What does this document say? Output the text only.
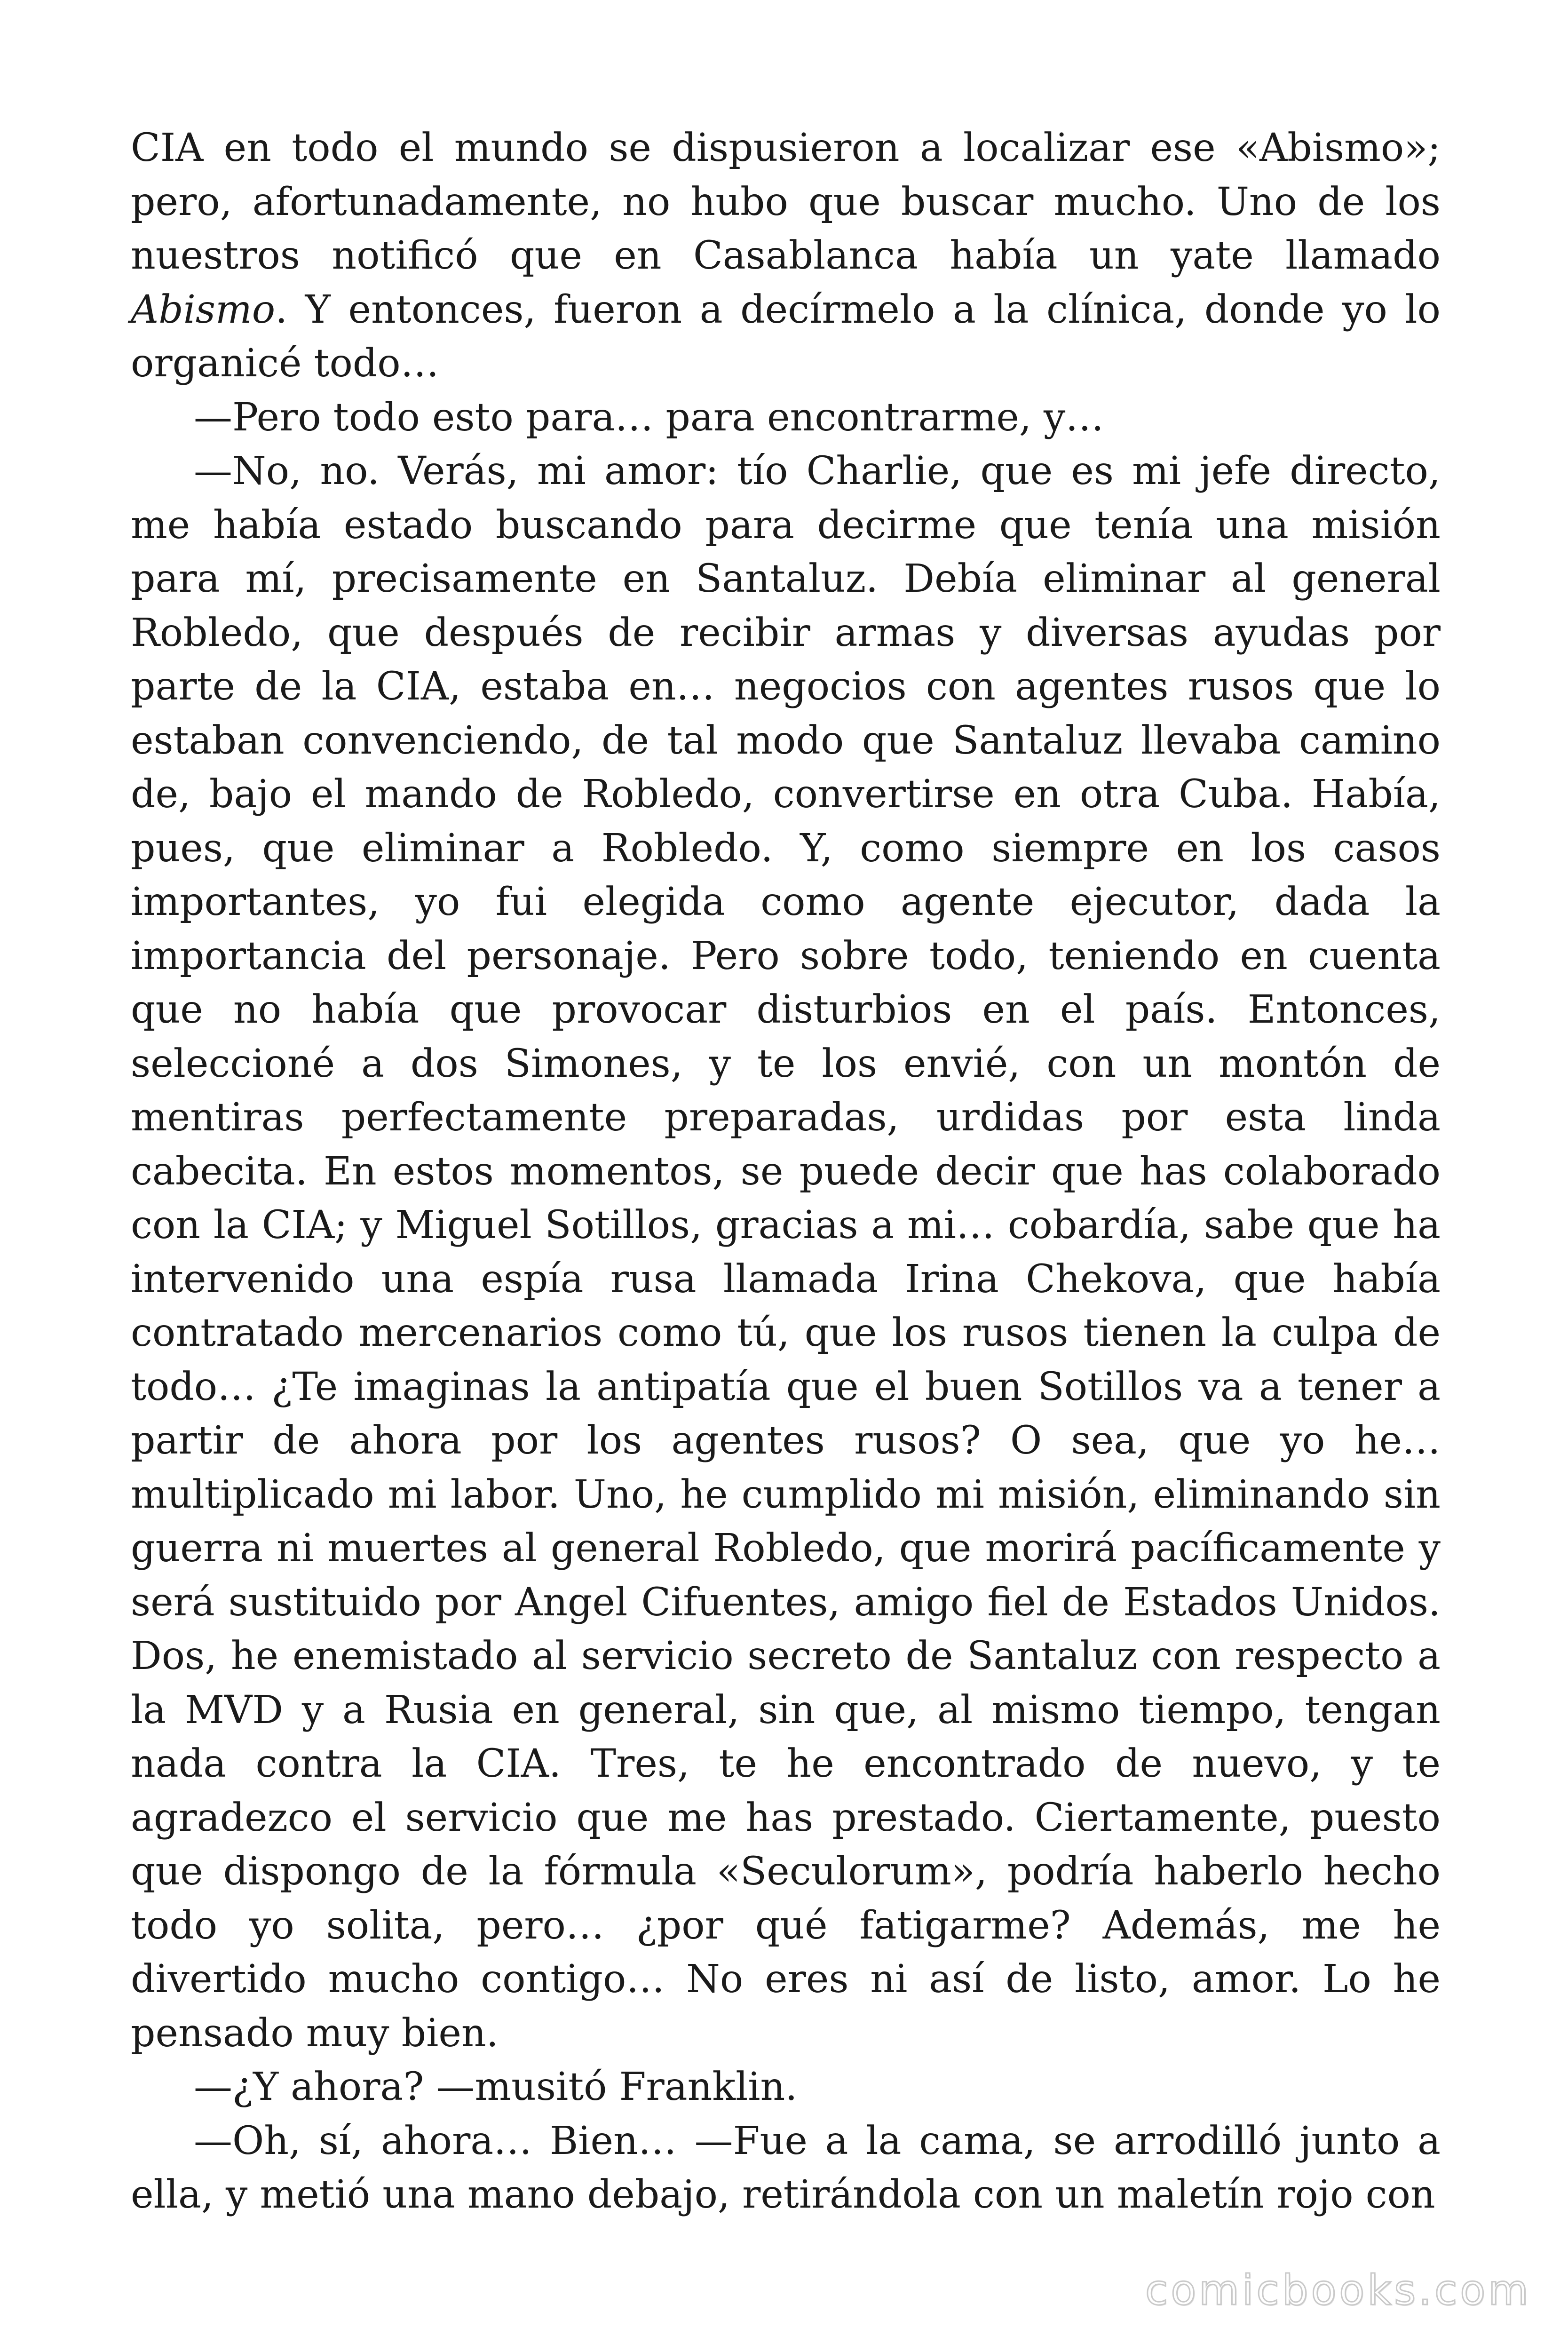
CIA en todo el mundo se dispusieron a localizar ese «Abismo»; pero, afortunadamente, no hubo que buscar mucho. Uno de los nuestros notificó que en Casablanca había un yate llamado Abismo. Y entonces, fueron a decírmelo a la clínica, donde yo lo organicé todo…

—Pero todo esto para… para encontrarme, y…

—No, no. Verás, mi amor: tío Charlie, que es mi jefe directo, me había estado buscando para decirme que tenía una misión para mí, precisamente en Santaluz. Debía eliminar al general Robledo, que después de recibir armas y diversas ayudas por parte de la CIA, estaba en… negocios con agentes rusos que lo estaban convenciendo, de tal modo que Santaluz llevaba camino de, bajo el mando de Robledo, convertirse en otra Cuba. Había, pues, que eliminar a Robledo. Y, como siempre en los casos importantes, yo fui elegida como agente ejecutor, dada la importancia del personaje. Pero sobre todo, teniendo en cuenta que no había que provocar disturbios en el país. Entonces, seleccioné a dos Simones, y te los envié, con un montón de mentiras perfectamente preparadas, urdidas por esta linda cabecita. En estos momentos, se puede decir que has colaborado con la CIA; y Miguel Sotillos, gracias a mi… cobardía, sabe que ha intervenido una espía rusa llamada Irina Chekova, que había contratado mercenarios como tú, que los rusos tienen la culpa de todo… ¿Te imaginas la antipatía que el buen Sotillos va a tener a partir de ahora por los agentes rusos? O sea, que yo he… multiplicado mi labor. Uno, he cumplido mi misión, eliminando sin guerra ni muertes al general Robledo, que morirá pacíficamente y será sustituido por Angel Cifuentes, amigo fiel de Estados Unidos. Dos, he enemistado al servicio secreto de Santaluz con respecto a la MVD y a Rusia en general, sin que, al mismo tiempo, tengan nada contra la CIA. Tres, te he encontrado de nuevo, y te agradezco el servicio que me has prestado. Ciertamente, puesto que dispongo de la fórmula «Seculorum», podría haberlo hecho todo yo solita, pero… ¿por qué fatigarme? Además, me he divertido mucho contigo… No eres ni así de listo, amor. Lo he pensado muy bien.

—¿Y ahora? —musitó Franklin.

—Oh, sí, ahora… Bien… —Fue a la cama, se arrodilló junto a ella, y metió una mano debajo, retirándola con un maletín rojo con

comicbooks.com
